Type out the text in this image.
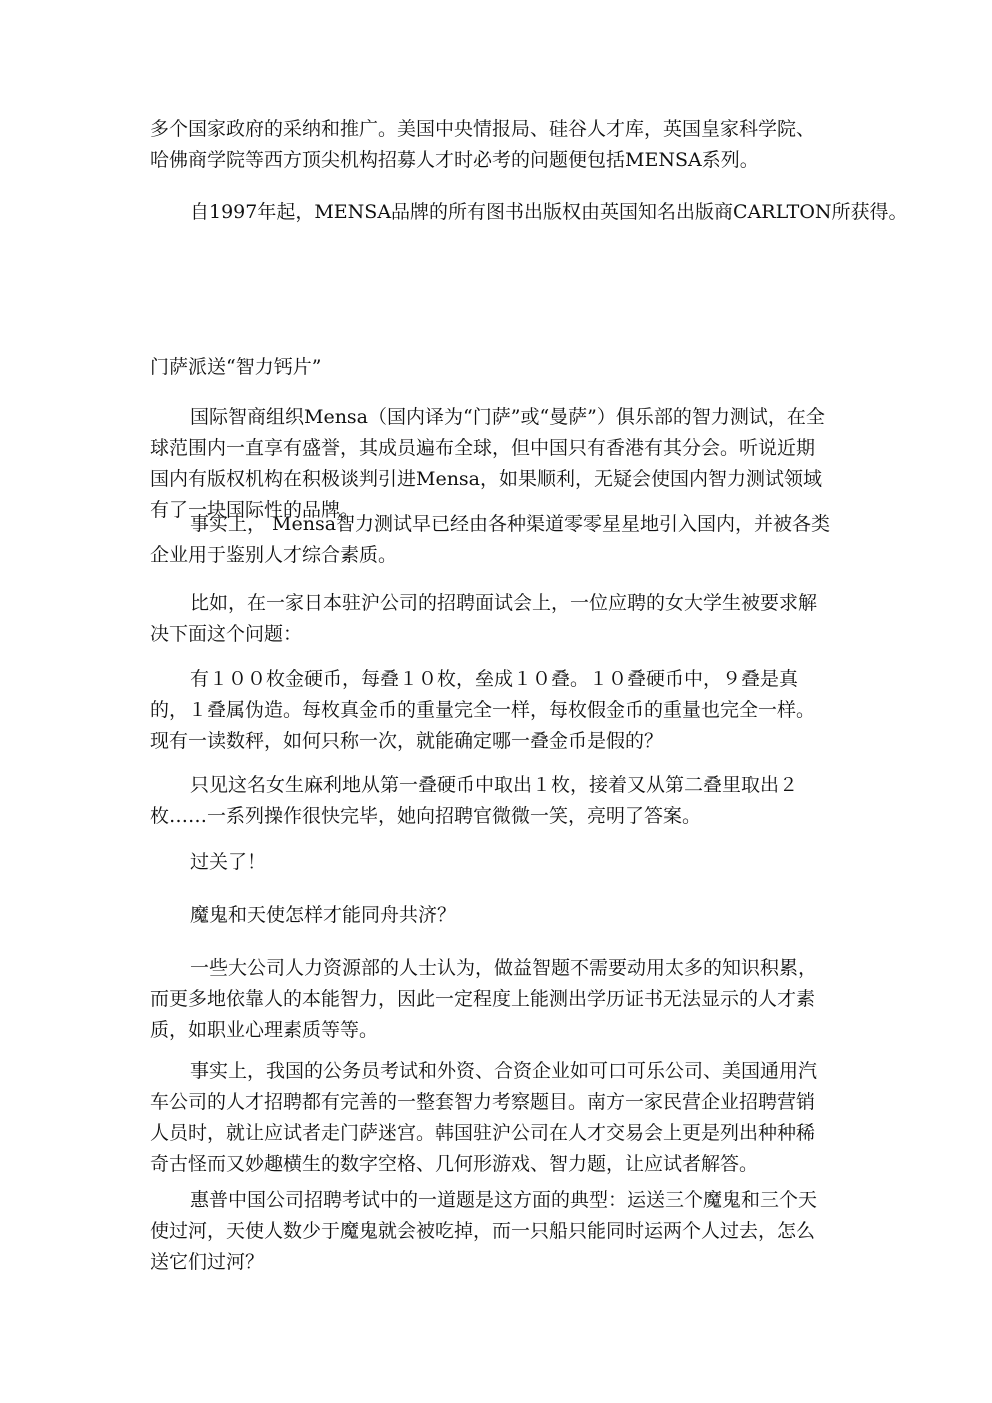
多个国家政府的采纳和推广。美国中央情报局、硅谷人才库，英国皇家科学院、
哈佛商学院等西方顶尖机构招募人才时必考的问题便包括MENSA系列。

自1997年起，MENSA品牌的所有图书出版权由英国知名出版商CARLTON所获得。

门萨派送“智力钙片”

国际智商组织Mensa（国内译为“门萨”或“曼萨”）俱乐部的智力测试，在全
球范围内一直享有盛誉，其成员遍布全球，但中国只有香港有其分会。听说近期
国内有版权机构在积极谈判引进Mensa，如果顺利，无疑会使国内智力测试领域
有了一块国际性的品牌。

事实上， Mensa智力测试早已经由各种渠道零零星星地引入国内，并被各类
企业用于鉴别人才综合素质。

比如，在一家日本驻沪公司的招聘面试会上，一位应聘的女大学生被要求解
决下面这个问题：

有１００枚金硬币，每叠１０枚，垒成１０叠。１０叠硬币中，９叠是真
的，１叠属伪造。每枚真金币的重量完全一样，每枚假金币的重量也完全一样。
现有一读数秤，如何只称一次，就能确定哪一叠金币是假的？

只见这名女生麻利地从第一叠硬币中取出１枚，接着又从第二叠里取出２
枚……一系列操作很快完毕，她向招聘官微微一笑，亮明了答案。

过关了！

魔鬼和天使怎样才能同舟共济？

一些大公司人力资源部的人士认为，做益智题不需要动用太多的知识积累，
而更多地依靠人的本能智力，因此一定程度上能测出学历证书无法显示的人才素
质，如职业心理素质等等。

事实上，我国的公务员考试和外资、合资企业如可口可乐公司、美国通用汽
车公司的人才招聘都有完善的一整套智力考察题目。南方一家民营企业招聘营销
人员时，就让应试者走门萨迷宫。韩国驻沪公司在人才交易会上更是列出种种稀
奇古怪而又妙趣横生的数字空格、几何形游戏、智力题，让应试者解答。

惠普中国公司招聘考试中的一道题是这方面的典型：运送三个魔鬼和三个天
使过河，天使人数少于魔鬼就会被吃掉，而一只船只能同时运两个人过去，怎么
送它们过河？
